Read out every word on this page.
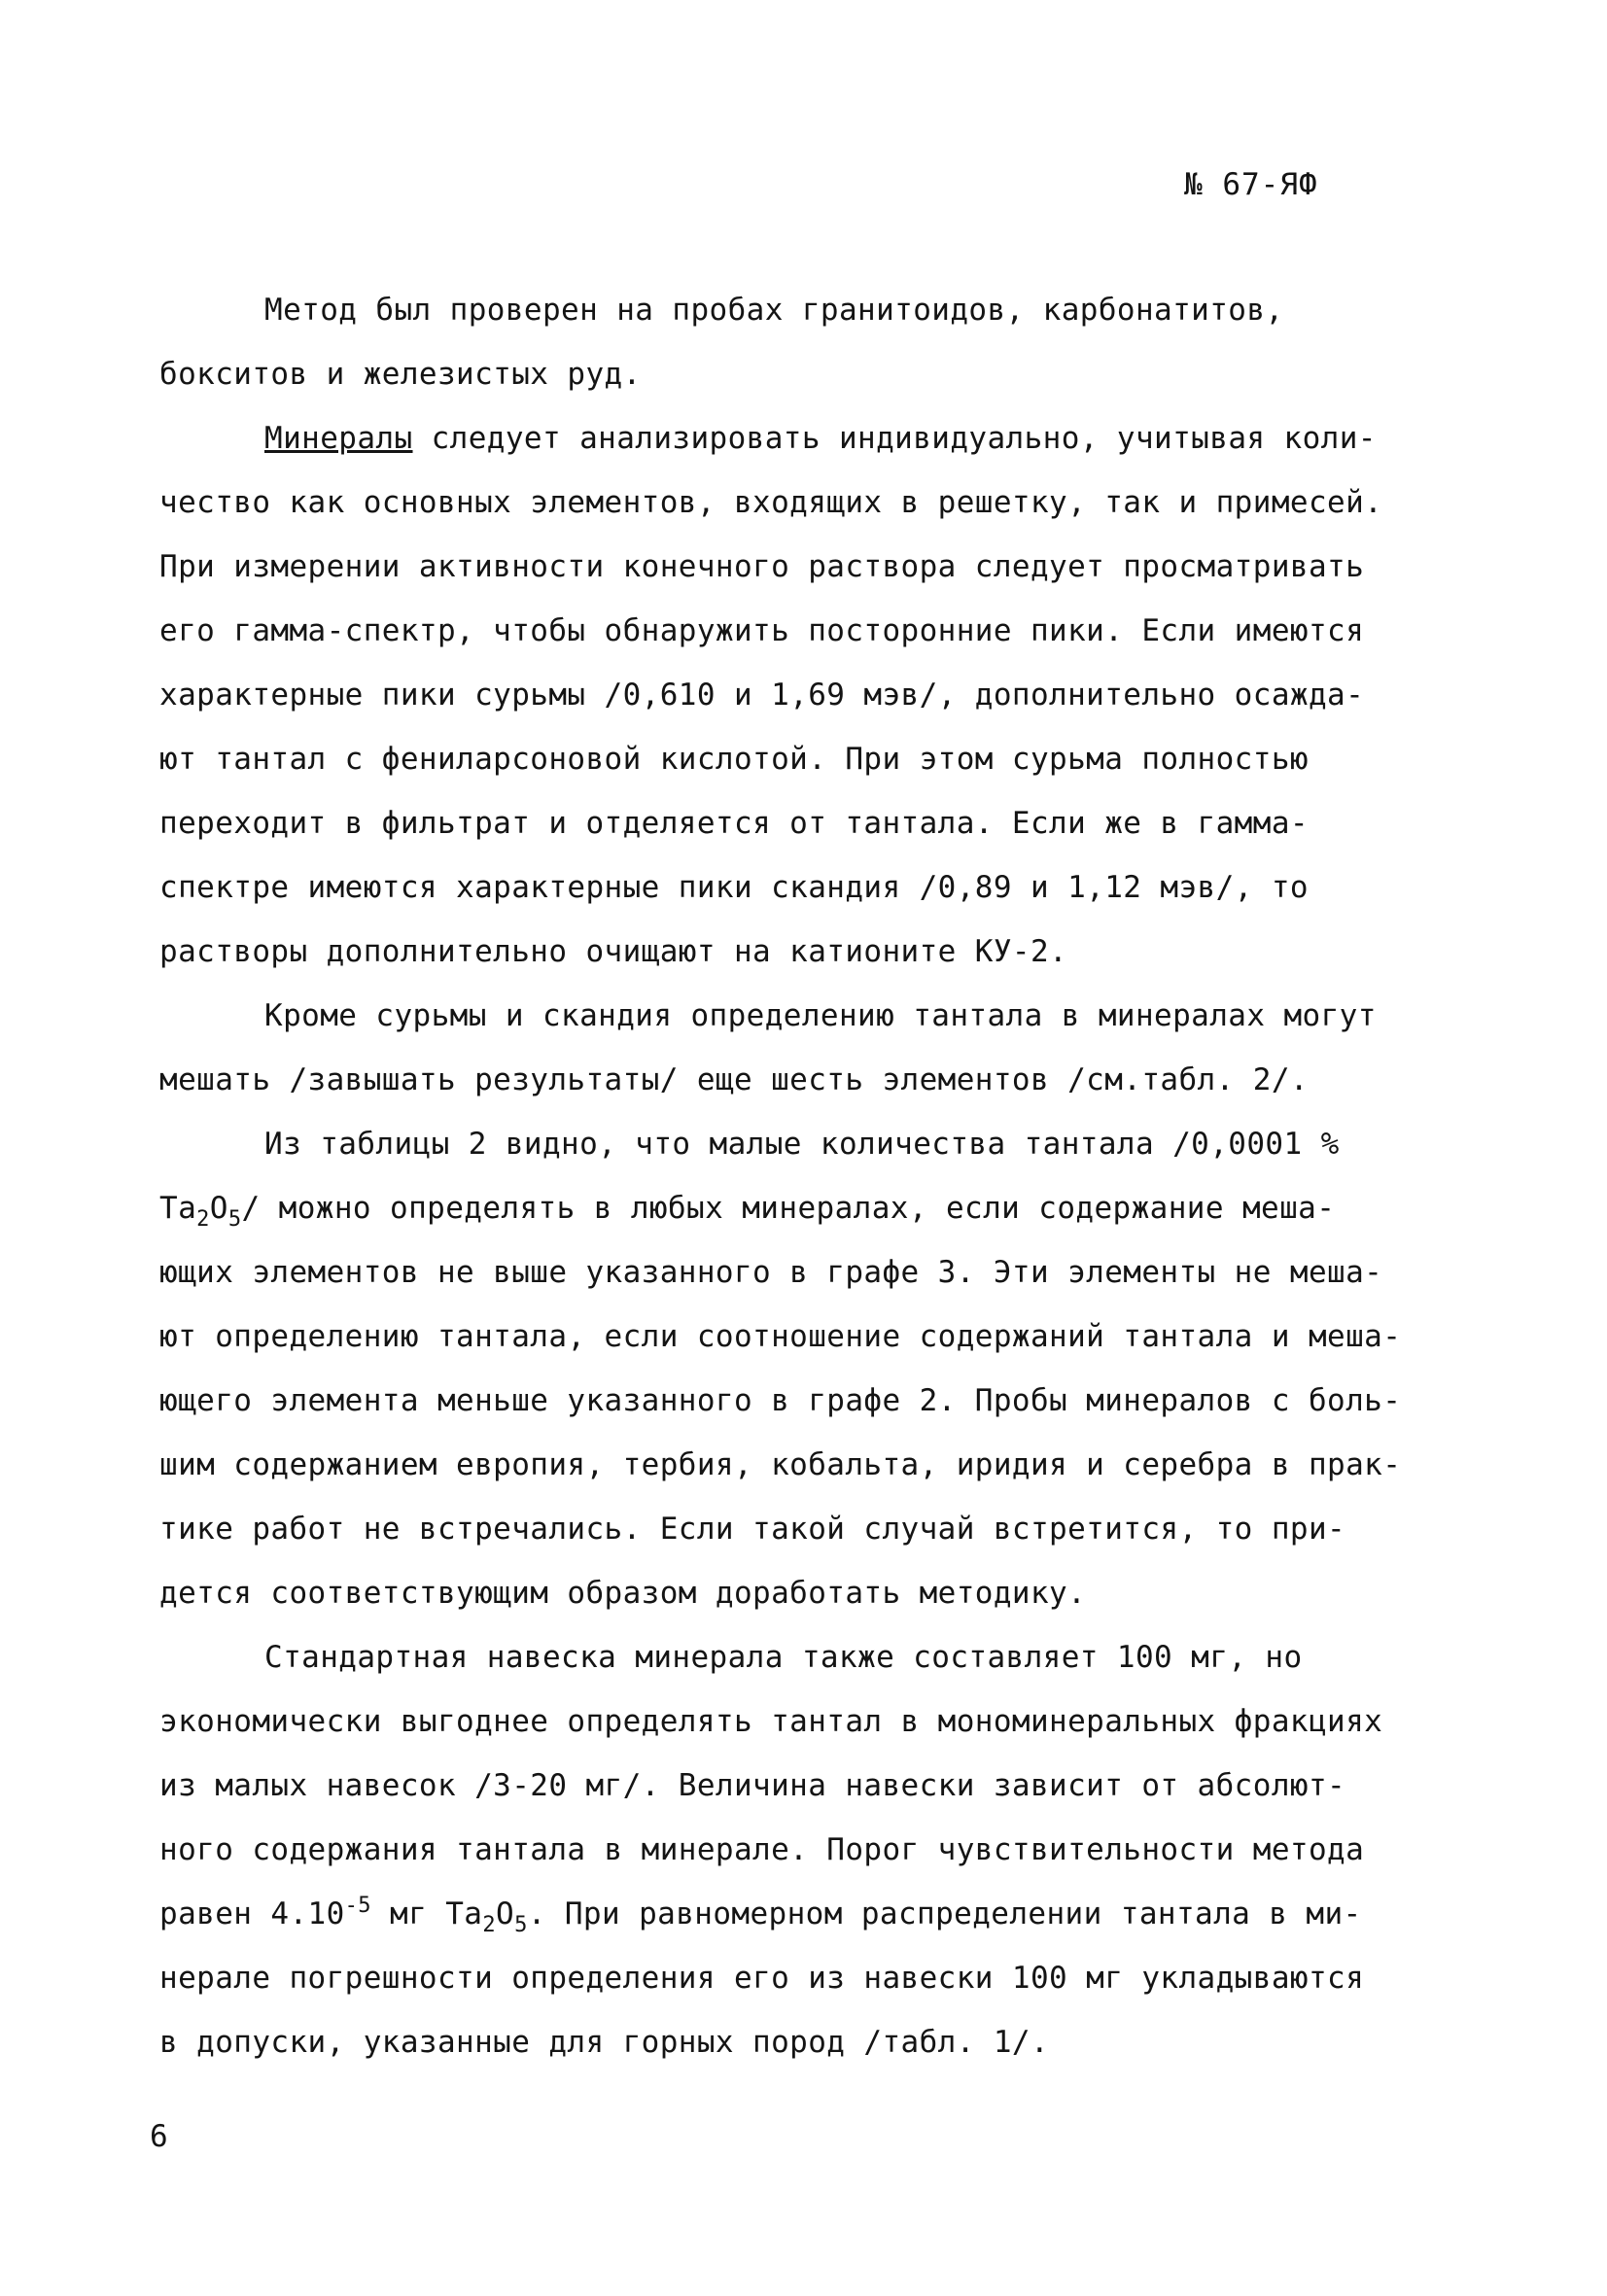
№ 67-ЯФ

Метод был проверен на пробах гранитоидов, карбонатитов,

бокситов и железистых руд.

Минералы следует анализировать индивидуально, учитывая коли-

чество как основных элементов, входящих в решетку, так и примесей.

При измерении активности конечного раствора следует просматривать

его гамма-спектр, чтобы обнаружить посторонние пики. Если имеются

характерные пики сурьмы /0,610 и 1,69 мэв/, дополнительно осажда-

ют тантал с фениларсоновой кислотой. При этом сурьма полностью

переходит в фильтрат и отделяется от тантала. Если же в гамма-

спектре имеются характерные пики скандия /0,89 и 1,12 мэв/, то

растворы дополнительно очищают на катионите КУ-2.

Кроме сурьмы и скандия определению тантала в минералах могут

мешать /завышать результаты/ еще шесть элементов /см.табл. 2/.

Из таблицы 2 видно, что малые количества тантала /0,0001 %

$Ta_2O_5/$ можно определять в любых минералах, если содержание меша-

ющих элементов не выше указанного в графе 3. Эти элементы не меша-

ют определению тантала, если соотношение содержаний тантала и меша-

ющего элемента меньше указанного в графе 2. Пробы минералов с боль-

шим содержанием европия, тербия, кобальта, иридия и серебра в прак-

тике работ не встречались. Если такой случай встретится, то при-

дется соответствующим образом доработать методику.

Стандартная навеска минерала также составляет 100 мг, но

экономически выгоднее определять тантал в мономинеральных фракциях

из малых навесок /3-20 мг/. Величина навески зависит от абсолют-

ного содержания тантала в минерале. Порог чувствительности метода

равен $4.10^{-5}$ мг $Ta_2O_5$. При равномерном распределении тантала в ми-

нерале погрешности определения его из навески 100 мг укладываются

в допуски, указанные для горных пород /табл. 1/.

6
